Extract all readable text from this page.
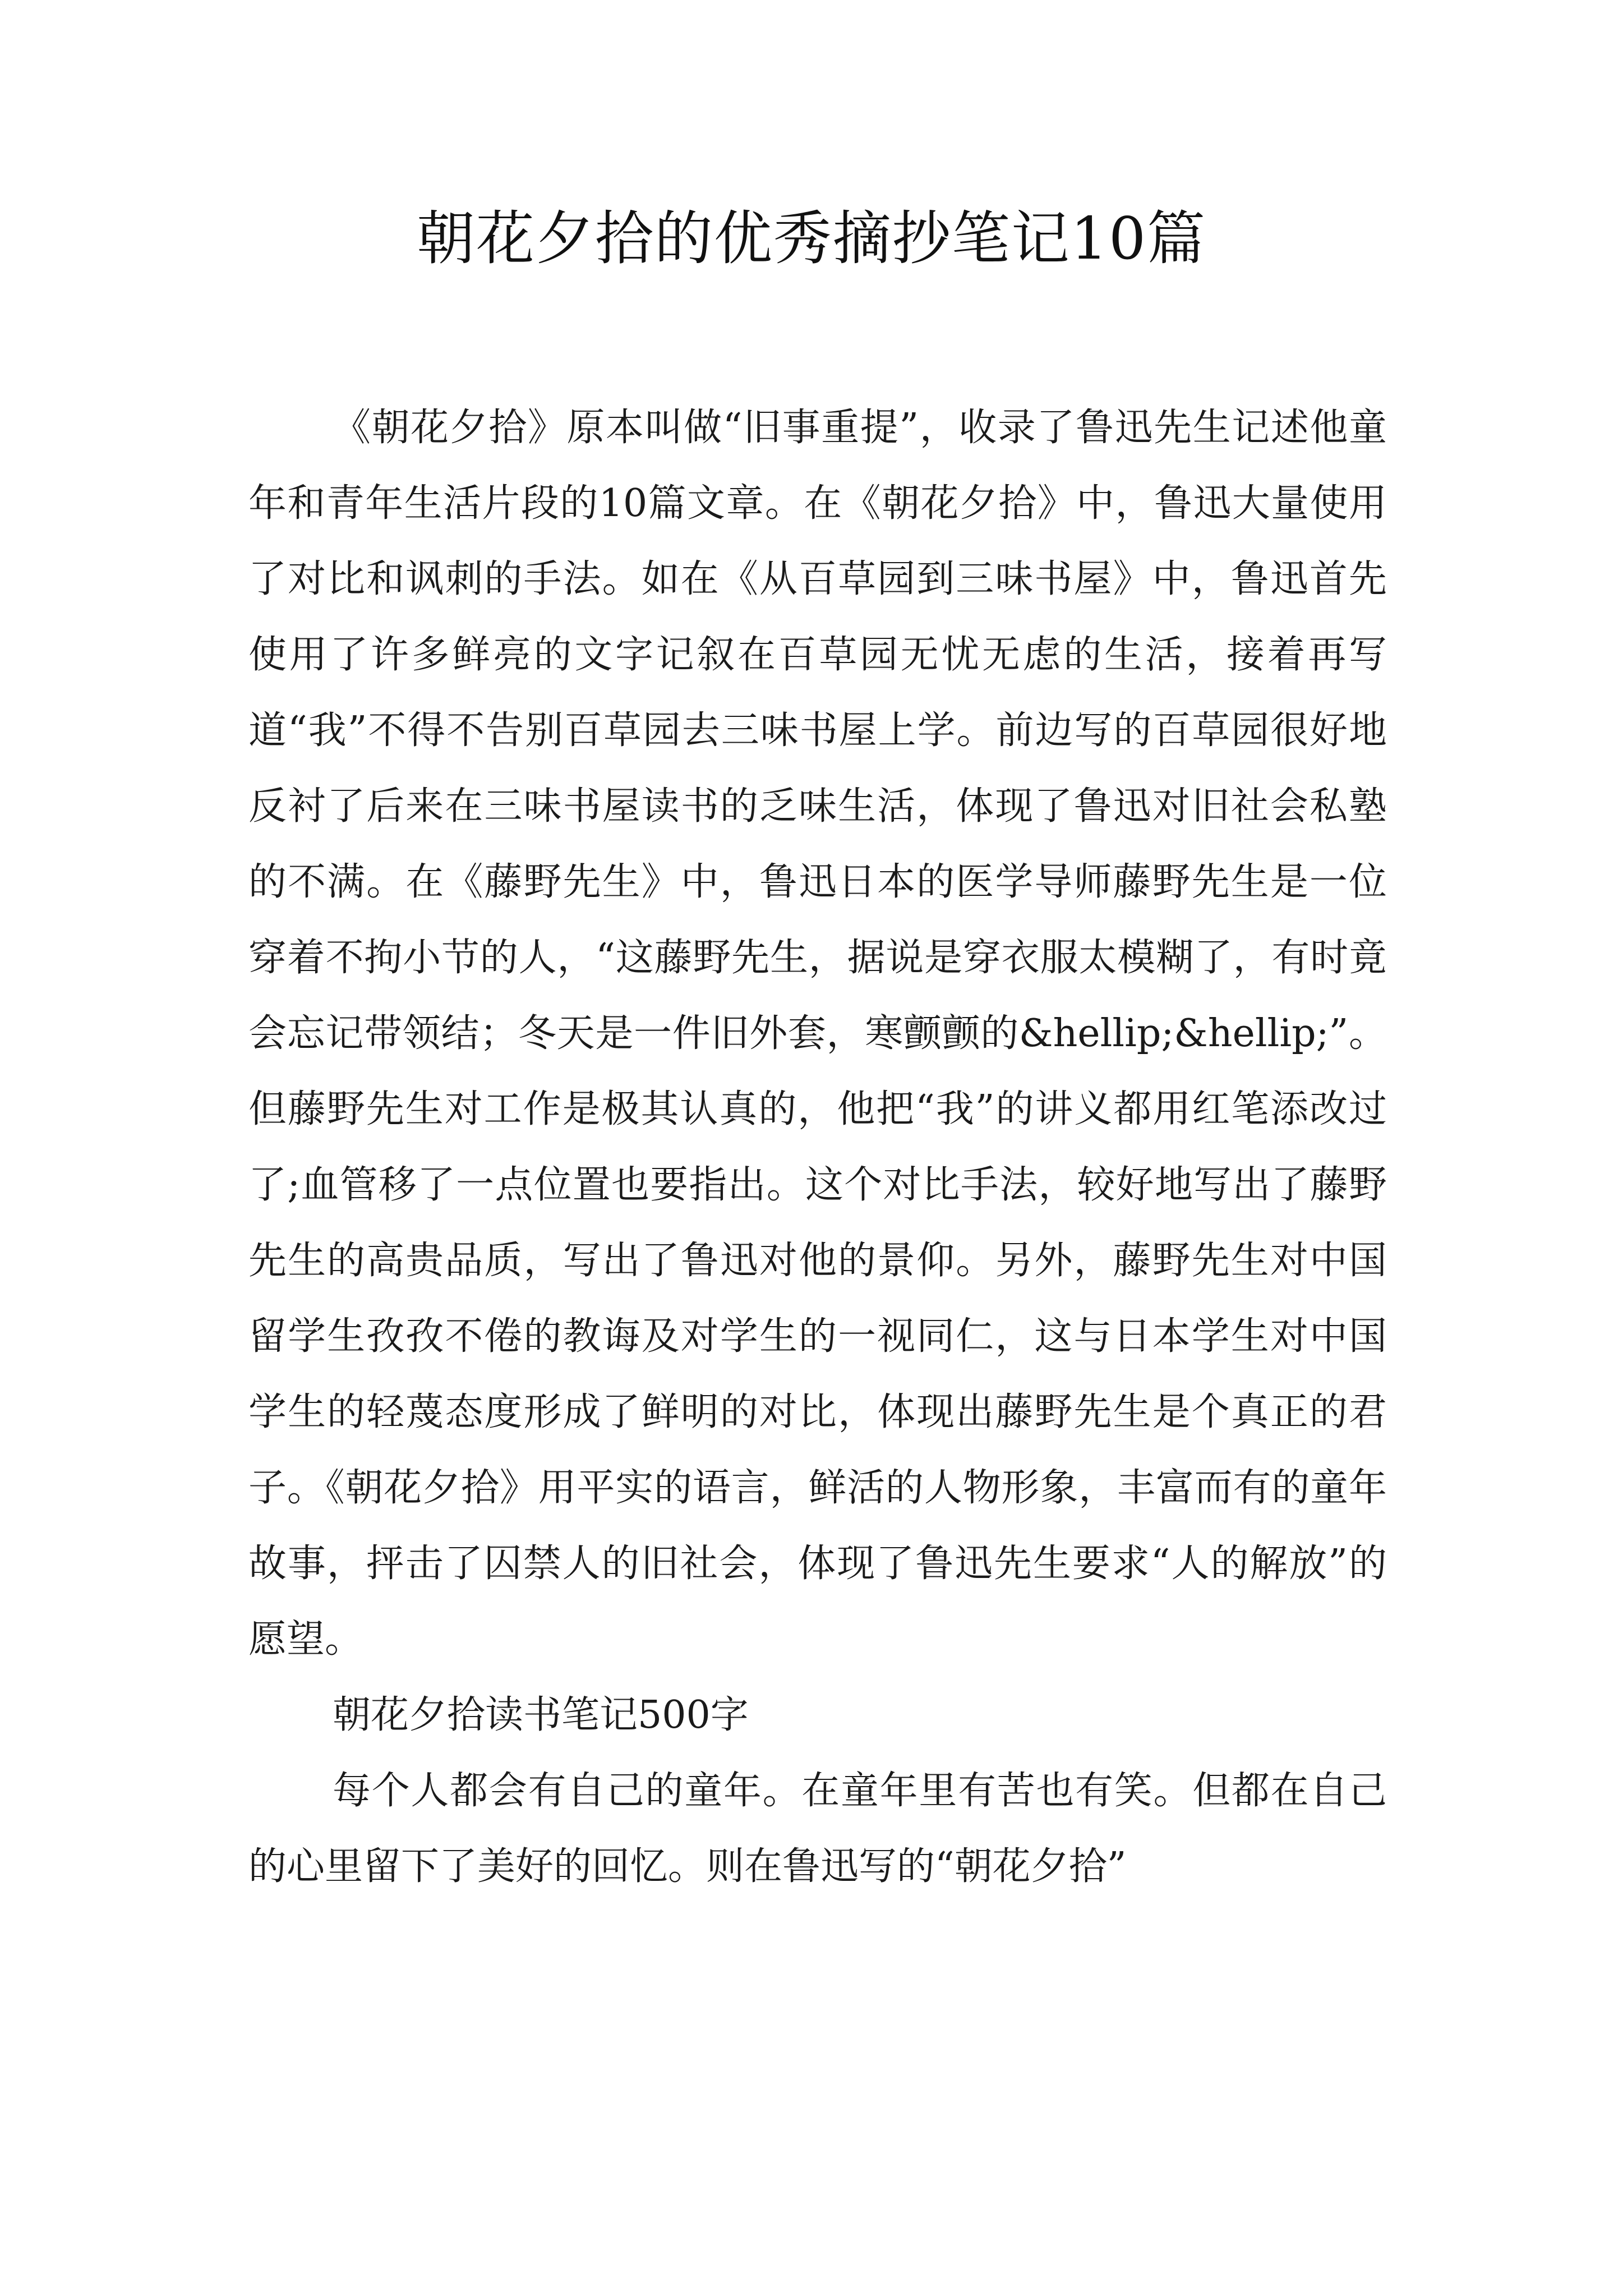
朝花夕拾的优秀摘抄笔记10篇

《朝花夕拾》原本叫做“旧事重提”，收录了鲁迅先生记述他童年和青年生活片段的10篇文章。在《朝花夕拾》中，鲁迅大量使用了对比和讽刺的手法。如在《从百草园到三味书屋》中，鲁迅首先使用了许多鲜亮的文字记叙在百草园无忧无虑的生活，接着再写道“我”不得不告别百草园去三味书屋上学。前边写的百草园很好地反衬了后来在三味书屋读书的乏味生活，体现了鲁迅对旧社会私塾的不满。在《藤野先生》中，鲁迅日本的医学导师藤野先生是一位穿着不拘小节的人，“这藤野先生，据说是穿衣服太模糊了，有时竟会忘记带领结；冬天是一件旧外套，寒颤颤的&hellip;&hellip;”。但藤野先生对工作是极其认真的，他把“我”的讲义都用红笔添改过了;血管移了一点位置也要指出。这个对比手法，较好地写出了藤野先生的高贵品质，写出了鲁迅对他的景仰。另外，藤野先生对中国留学生孜孜不倦的教诲及对学生的一视同仁，这与日本学生对中国学生的轻蔑态度形成了鲜明的对比，体现出藤野先生是个真正的君子。《朝花夕拾》用平实的语言，鲜活的人物形象，丰富而有的童年故事，抨击了囚禁人的旧社会，体现了鲁迅先生要求“人的解放”的愿望。

朝花夕拾读书笔记500字

每个人都会有自己的童年。在童年里有苦也有笑。但都在自己的心里留下了美好的回忆。则在鲁迅写的“朝花夕拾”
